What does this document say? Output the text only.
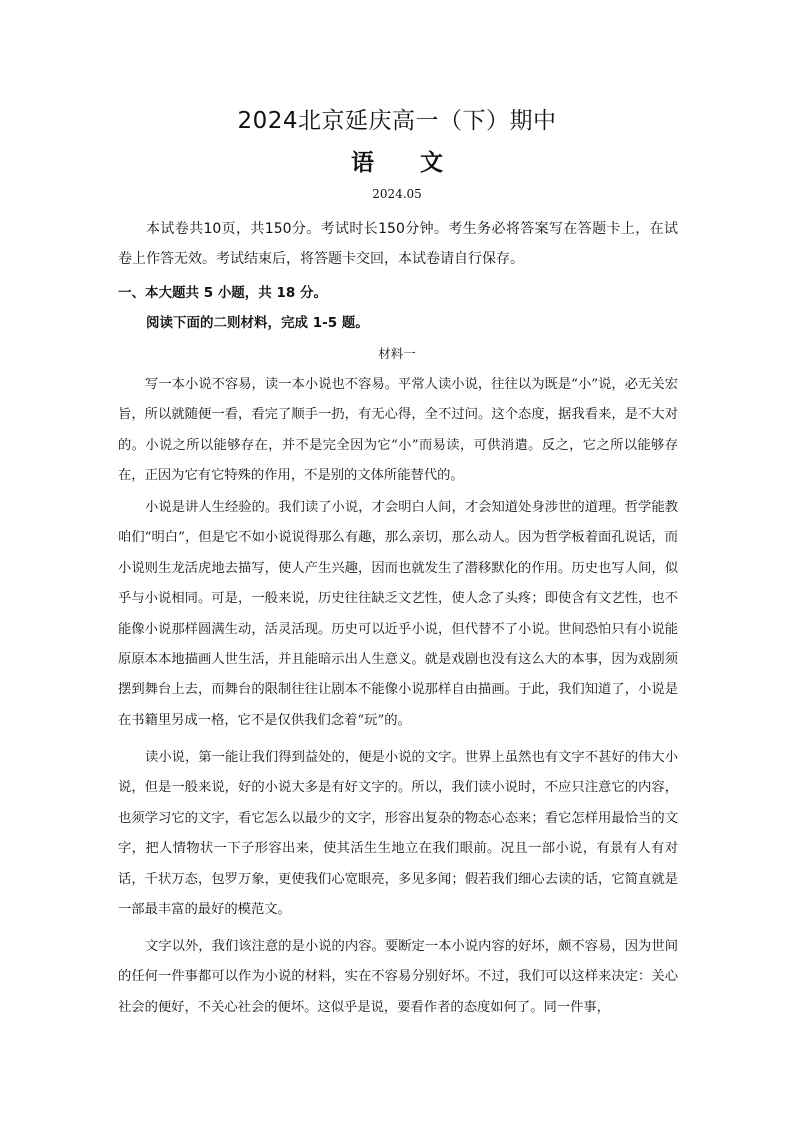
2024北京延庆高一（下）期中
语文
2024.05
本试卷共10页，共150分。考试时长150分钟。考生务必将答案写在答题卡上，在试卷上作答无效。考试结束后，将答题卡交回，本试卷请自行保存。
一、本大题共 5 小题，共 18 分。
阅读下面的二则材料，完成 1-5 题。
材料一

写一本小说不容易，读一本小说也不容易。平常人读小说，往往以为既是“小”说，必无关宏旨，所以就随便一看，看完了顺手一扔，有无心得，全不过问。这个态度，据我看来，是不大对的。小说之所以能够存在，并不是完全因为它“小”而易读，可供消遣。反之，它之所以能够存在，正因为它有它特殊的作用，不是别的文体所能替代的。

小说是讲人生经验的。我们读了小说，才会明白人间，才会知道处身涉世的道理。哲学能教咱们“明白”，但是它不如小说说得那么有趣，那么亲切，那么动人。因为哲学板着面孔说话，而小说则生龙活虎地去描写，使人产生兴趣，因而也就发生了潜移默化的作用。历史也写人间，似乎与小说相同。可是，一般来说，历史往往缺乏文艺性，使人念了头疼；即使含有文艺性，也不能像小说那样圆满生动，活灵活现。历史可以近乎小说，但代替不了小说。世间恐怕只有小说能原原本本地描画人世生活，并且能暗示出人生意义。就是戏剧也没有这么大的本事，因为戏剧须摆到舞台上去，而舞台的限制往往让剧本不能像小说那样自由描画。于此，我们知道了，小说是在书籍里另成一格，它不是仅供我们念着“玩”的。

读小说，第一能让我们得到益处的，便是小说的文字。世界上虽然也有文字不甚好的伟大小说，但是一般来说，好的小说大多是有好文字的。所以，我们读小说时，不应只注意它的内容，也须学习它的文字，看它怎么以最少的文字，形容出复杂的物态心态来；看它怎样用最恰当的文字，把人情物状一下子形容出来，使其活生生地立在我们眼前。况且一部小说，有景有人有对话，千状万态，包罗万象，更使我们心宽眼亮，多见多闻；假若我们细心去读的话，它简直就是一部最丰富的最好的模范文。

文字以外，我们该注意的是小说的内容。要断定一本小说内容的好坏，颇不容易，因为世间的任何一件事都可以作为小说的材料，实在不容易分别好坏。不过，我们可以这样来决定：关心社会的便好，不关心社会的便坏。这似乎是说，要看作者的态度如何了。同一件事，
